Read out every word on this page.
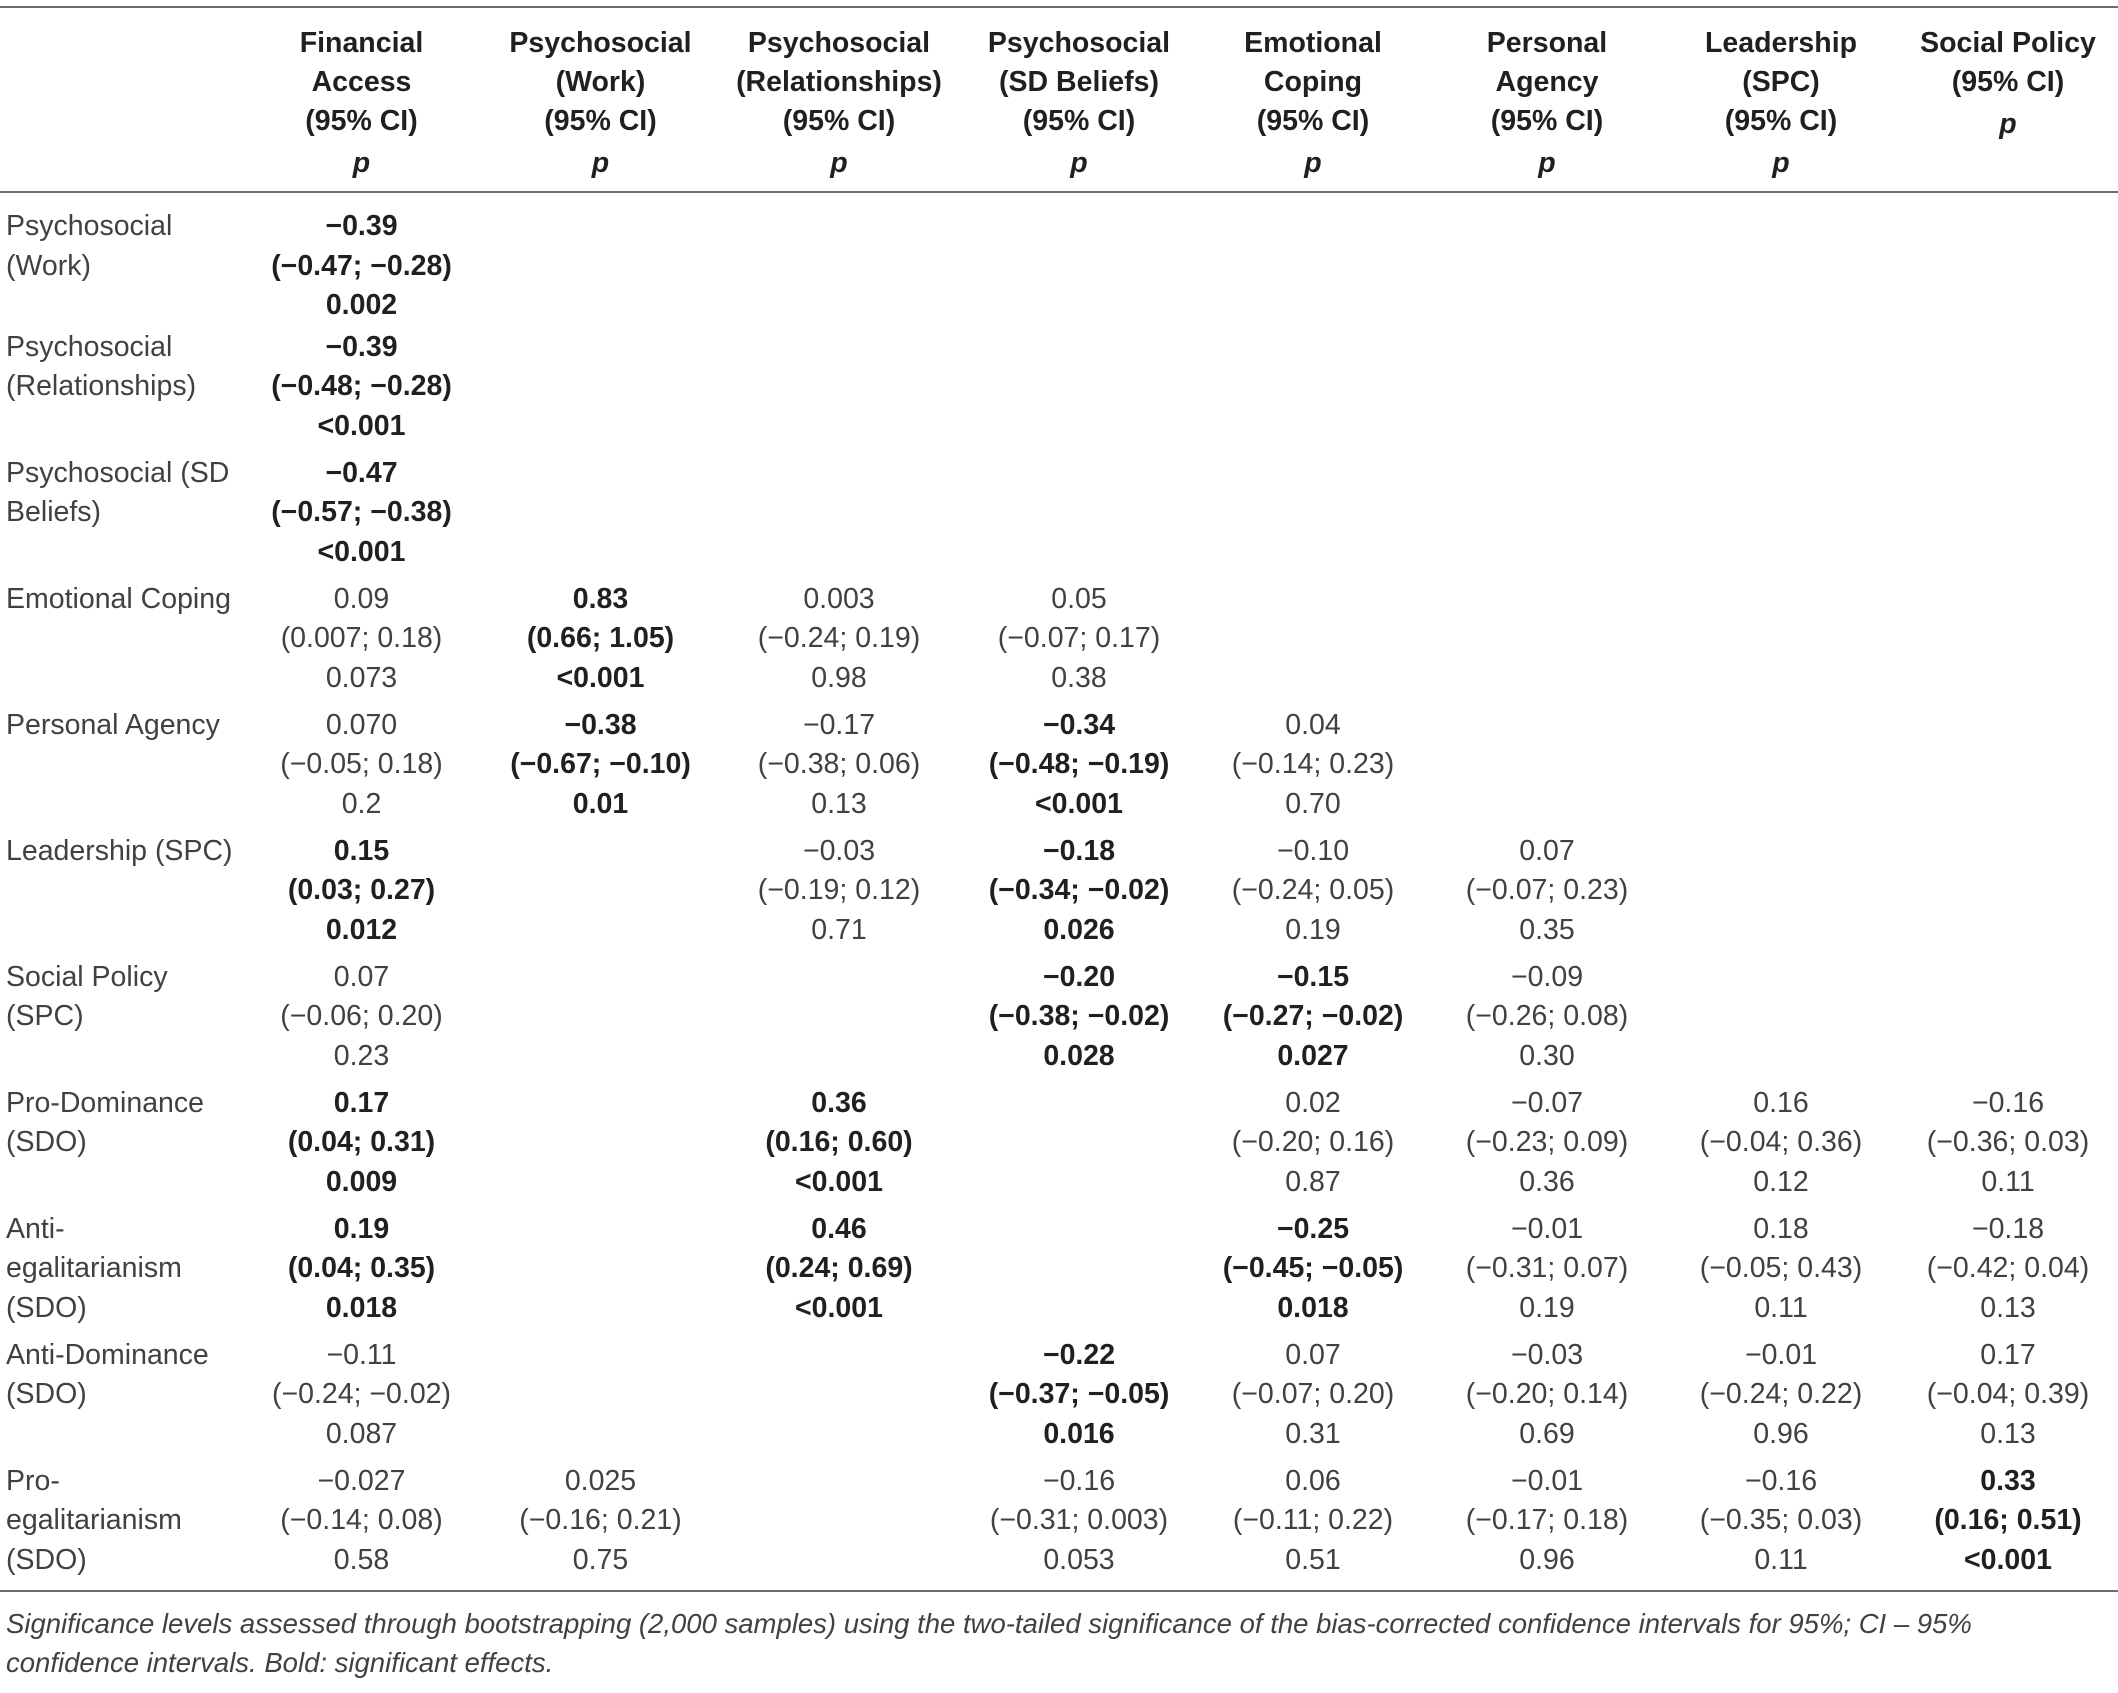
	Financial
Access
(95% CI)
p	Psychosocial
(Work)
(95% CI)
p	Psychosocial
(Relationships)
(95% CI)
p	Psychosocial
(SD Beliefs)
(95% CI)
p	Emotional
Coping
(95% CI)
p	Personal
Agency
(95% CI)
p	Leadership
(SPC)
(95% CI)
p	Social Policy
(95% CI)
p

Psychosocial
(Work)	−0.39
(−0.47; −0.28)
0.002							

Psychosocial
(Relationships)	−0.39
(−0.48; −0.28)
<0.001							

Psychosocial (SD
Beliefs)	−0.47
(−0.57; −0.38)
<0.001							

Emotional Coping	0.09
(0.007; 0.18)
0.073	0.83
(0.66; 1.05)
<0.001	0.003
(−0.24; 0.19)
0.98	0.05
(−0.07; 0.17)
0.38				

Personal Agency	0.070
(−0.05; 0.18)
0.2	−0.38
(−0.67; −0.10)
0.01	−0.17
(−0.38; 0.06)
0.13	−0.34
(−0.48; −0.19)
<0.001	0.04
(−0.14; 0.23)
0.70			

Leadership (SPC)	0.15
(0.03; 0.27)
0.012		−0.03
(−0.19; 0.12)
0.71	−0.18
(−0.34; −0.02)
0.026	−0.10
(−0.24; 0.05)
0.19	0.07
(−0.07; 0.23)
0.35		

Social Policy
(SPC)	0.07
(−0.06; 0.20)
0.23			−0.20
(−0.38; −0.02)
0.028	−0.15
(−0.27; −0.02)
0.027	−0.09
(−0.26; 0.08)
0.30		

Pro-Dominance
(SDO)	0.17
(0.04; 0.31)
0.009		0.36
(0.16; 0.60)
<0.001		0.02
(−0.20; 0.16)
0.87	−0.07
(−0.23; 0.09)
0.36	0.16
(−0.04; 0.36)
0.12	−0.16
(−0.36; 0.03)
0.11

Anti-
egalitarianism
(SDO)	0.19
(0.04; 0.35)
0.018		0.46
(0.24; 0.69)
<0.001		−0.25
(−0.45; −0.05)
0.018	−0.01
(−0.31; 0.07)
0.19	0.18
(−0.05; 0.43)
0.11	−0.18
(−0.42; 0.04)
0.13

Anti-Dominance
(SDO)	−0.11
(−0.24; −0.02)
0.087			−0.22
(−0.37; −0.05)
0.016	0.07
(−0.07; 0.20)
0.31	−0.03
(−0.20; 0.14)
0.69	−0.01
(−0.24; 0.22)
0.96	0.17
(−0.04; 0.39)
0.13

Pro-
egalitarianism
(SDO)	−0.027
(−0.14; 0.08)
0.58	0.025
(−0.16; 0.21)
0.75		−0.16
(−0.31; 0.003)
0.053	0.06
(−0.11; 0.22)
0.51	−0.01
(−0.17; 0.18)
0.96	−0.16
(−0.35; 0.03)
0.11	0.33
(0.16; 0.51)
<0.001
Significance levels assessed through bootstrapping (2,000 samples) using the two-tailed significance of the bias-corrected confidence intervals for 95%; CI – 95% confidence intervals. Bold: significant effects.
